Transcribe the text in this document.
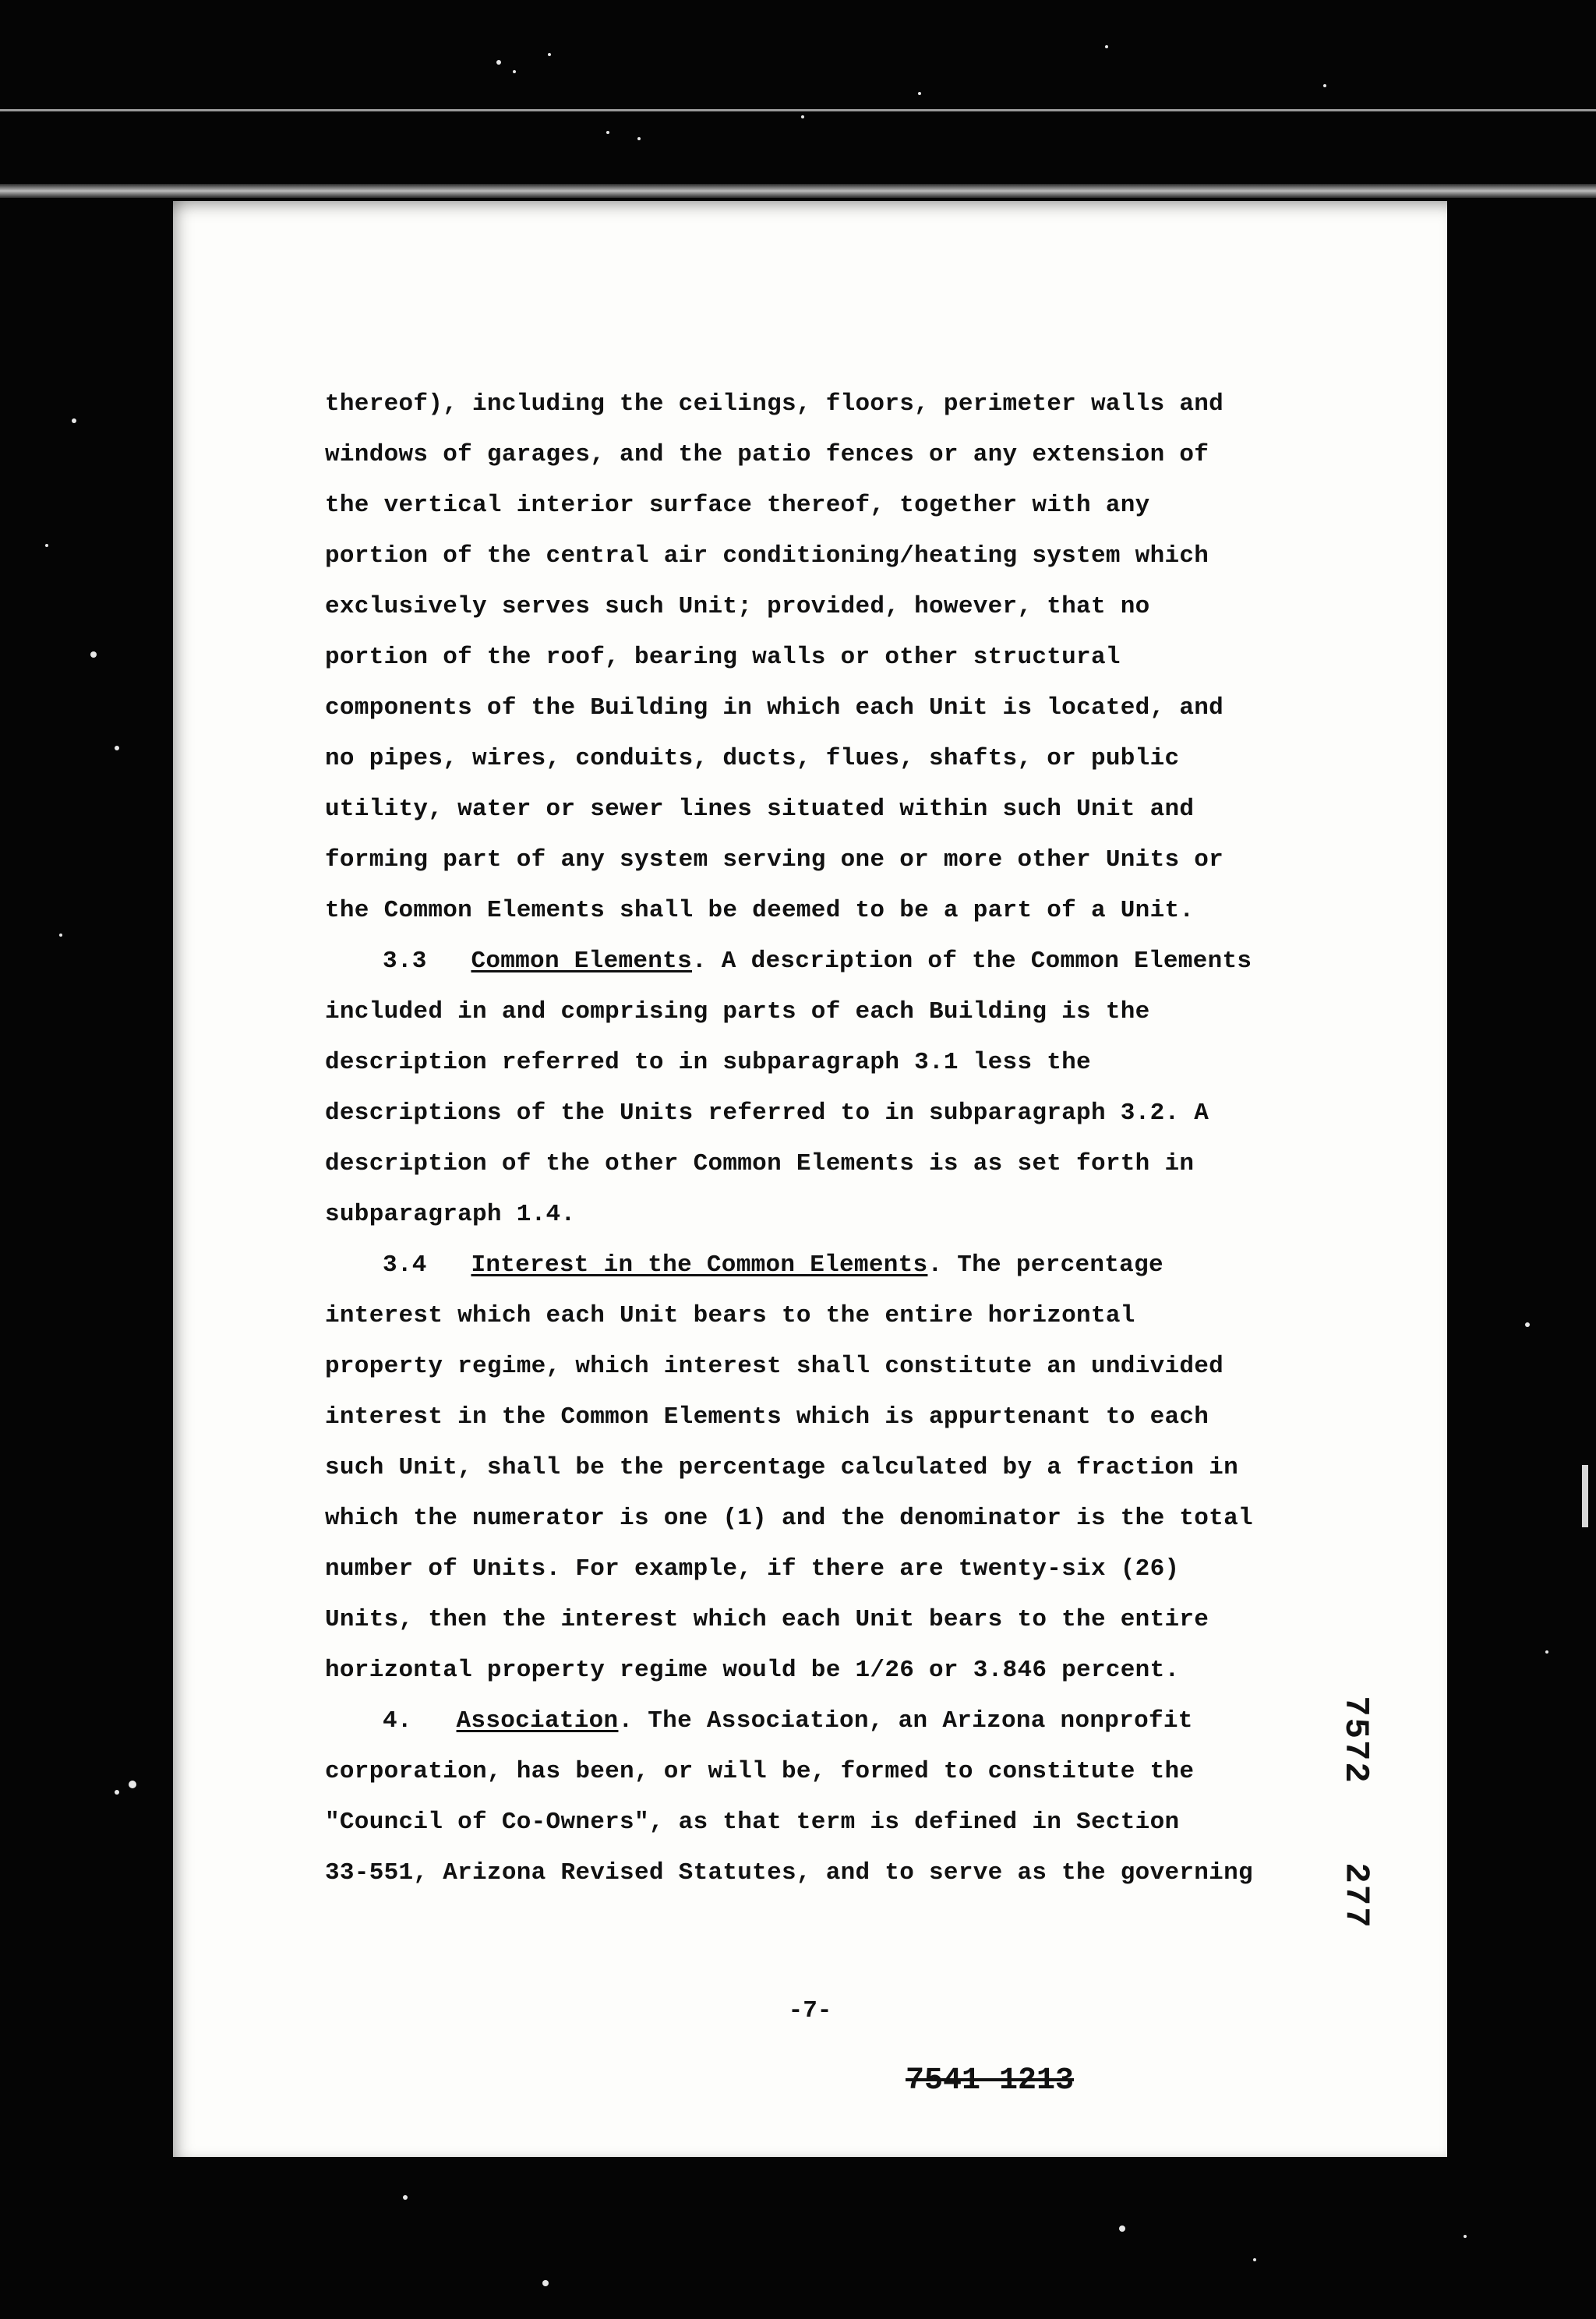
thereof), including the ceilings, floors, perimeter walls and
windows of garages, and the patio fences or any extension of
the vertical interior surface thereof, together with any
portion of the central air conditioning/heating system which
exclusively serves such Unit; provided, however, that no
portion of the roof, bearing walls or other structural
components of the Building in which each Unit is located, and
no pipes, wires, conduits, ducts, flues, shafts, or public
utility, water or sewer lines situated within such Unit and
forming part of any system serving one or more other Units or
the Common Elements shall be deemed to be a part of a Unit.
3.3 Common Elements. A description of the Common Elements
included in and comprising parts of each Building is the
description referred to in subparagraph 3.1 less the
descriptions of the Units referred to in subparagraph 3.2. A
description of the other Common Elements is as set forth in
subparagraph 1.4.
3.4 Interest in the Common Elements. The percentage
interest which each Unit bears to the entire horizontal
property regime, which interest shall constitute an undivided
interest in the Common Elements which is appurtenant to each
such Unit, shall be the percentage calculated by a fraction in
which the numerator is one (1) and the denominator is the total
number of Units. For example, if there are twenty-six (26)
Units, then the interest which each Unit bears to the entire
horizontal property regime would be 1/26 or 3.846 percent.
4. Association. The Association, an Arizona nonprofit
corporation, has been, or will be, formed to constitute the
"Council of Co-Owners", as that term is defined in Section
33-551, Arizona Revised Statutes, and to serve as the governing
-7-
7541 1213
7572
277
